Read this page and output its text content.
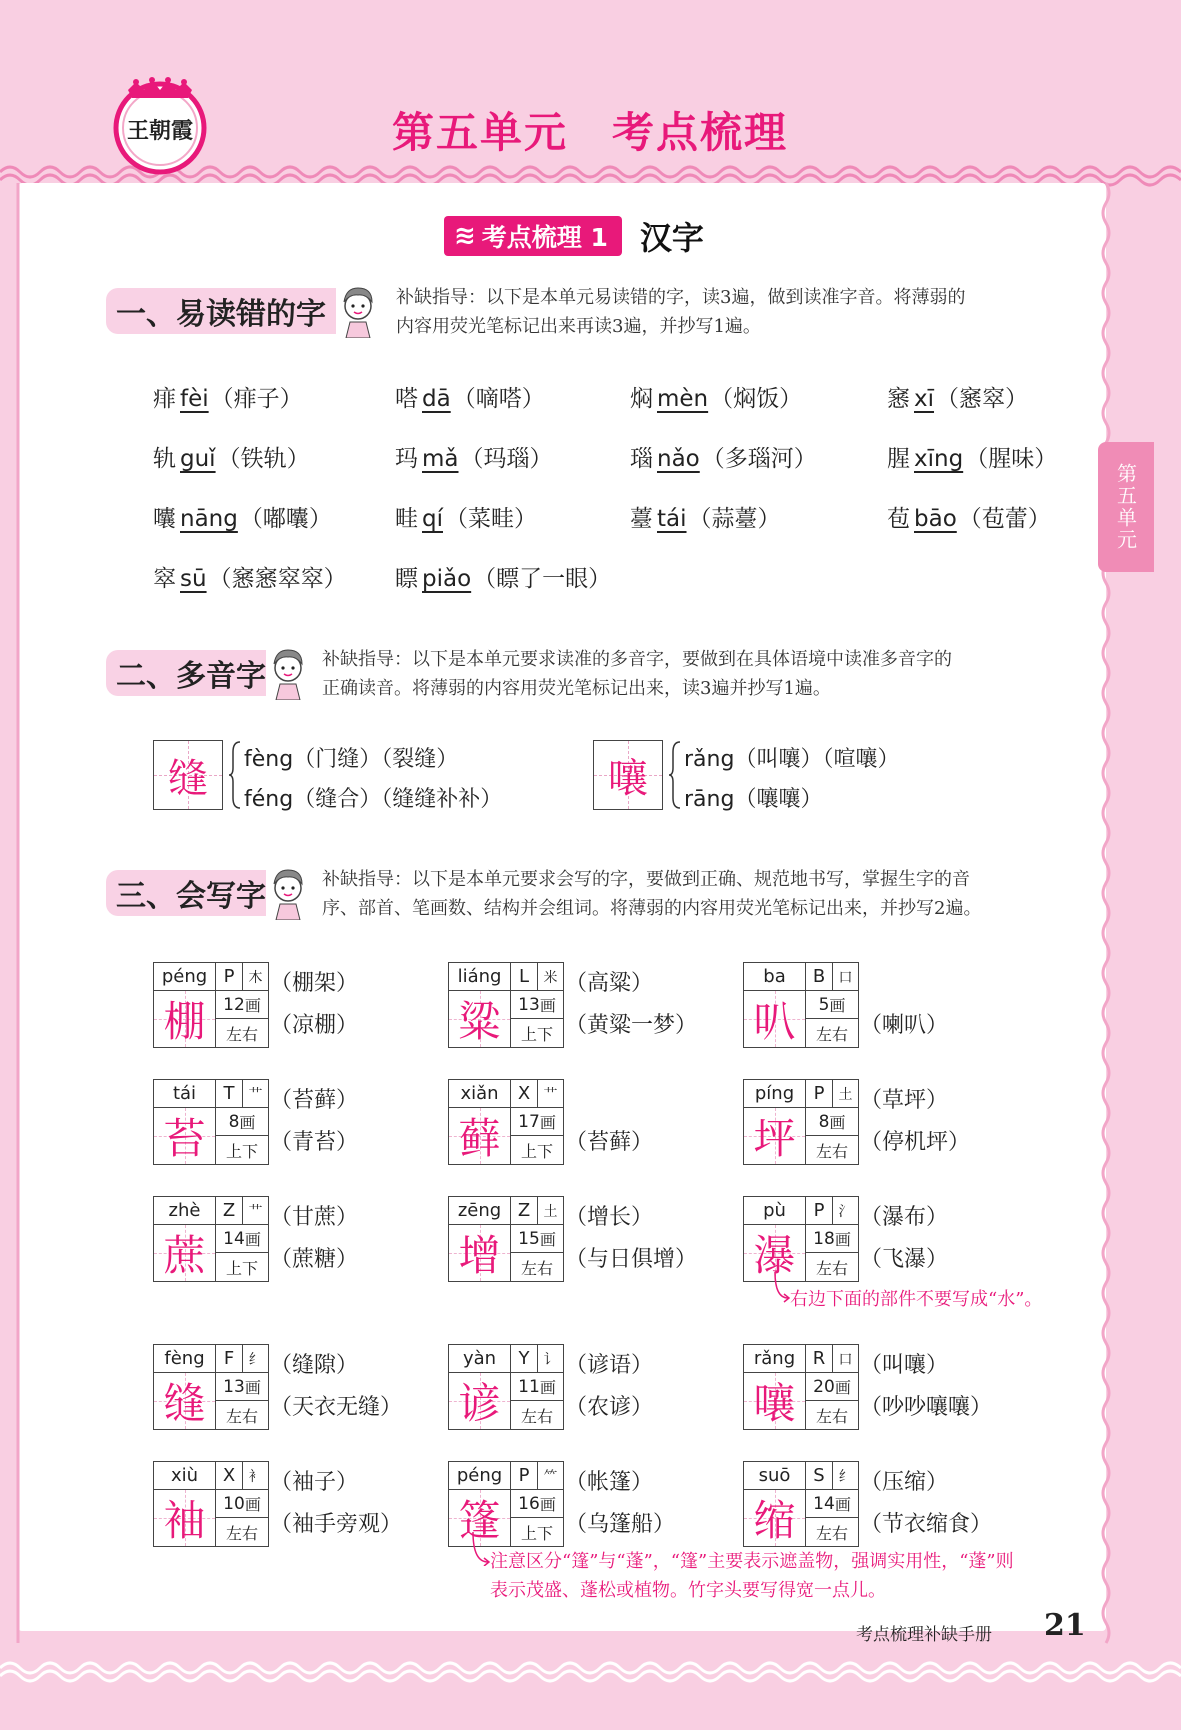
王朝霞	第五单元　考点梳理
第五单元
≋ 考点梳理 1 汉字
一、易读错的字	补缺指导：以下是本单元易读错的字，读3遍，做到读准字音。将薄弱的
内容用荧光笔标记出来再读3遍，并抄写1遍。
痱 fèi（痱子）	嗒 dā（嘀嗒）	焖 mèn（焖饭）	窸 xī（窸窣）
轨 guǐ（铁轨）	玛 mǎ（玛瑙）	瑙 nǎo（多瑙河）	腥 xīng（腥味）
囔 nāng（嘟囔）	畦 qí（菜畦）	薹 tái（蒜薹）	苞 bāo（苞蕾）
窣 sū（窸窸窣窣） 瞟 piǎo（瞟了一眼）
二、多音字	补缺指导：以下是本单元要求读准的多音字，要做到在具体语境中读准多音字的
正确读音。将薄弱的内容用荧光笔标记出来，读3遍并抄写1遍。
缝 fèng（门缝）（裂缝）
féng（缝合）（缝缝补补）	嚷 rǎng（叫嚷）（喧嚷）
rāng（嚷嚷）
三、会写字	补缺指导：以下是本单元要求会写的字，要做到正确、规范地书写，掌握生字的音
序、部首、笔画数、结构并会组词。将薄弱的内容用荧光笔标记出来，并抄写2遍。
péng P	木
棚 12 画
左右
（棚架）
（凉棚）
liáng L	米
粱 13 画
上下
（高粱）
（黄粱一梦）
ba	B 口
叭 5 画
左右 （喇叭）
tái	T	艹
苔 8 画
上下
（苔藓）
（青苔）
xiǎn	X 艹
藓 17 画
上下 （苔藓）
píng	P	土
坪 8 画
左右
（草坪）
（停机坪）
zhè	Z 艹
蔗 14 画
上下
（甘蔗）
（蔗糖）
zēng Z 土
增 15 画
左右
（增长）
（与日俱增）
pù	P	氵
瀑 18 画
左右
（瀑布）
（飞瀑）
fèng	F	纟
缝 13 画
左右
（缝隙）
（天衣无缝）
yàn	Y	讠
谚 11 画
左右
（谚语）
（农谚）
rǎng R 口
嚷 20 画
左右
（叫嚷）
（吵吵嚷嚷）
xiù	X 衤
袖 10 画
左右
（袖子）
（袖手旁观）
péng P	⺮
篷 16 画
上下
（帐篷）
（乌篷船）
suō	S 纟
缩 14 画
左右
（压缩）
（节衣缩食）
右边下面的部件不要写成“水”。
注意区分“篷”与“蓬”，“篷”主要表示遮盖物，强调实用性，“蓬”则
表示茂盛、蓬松或植物。竹字头要写得宽一点儿。
考点梳理补缺手册 21
